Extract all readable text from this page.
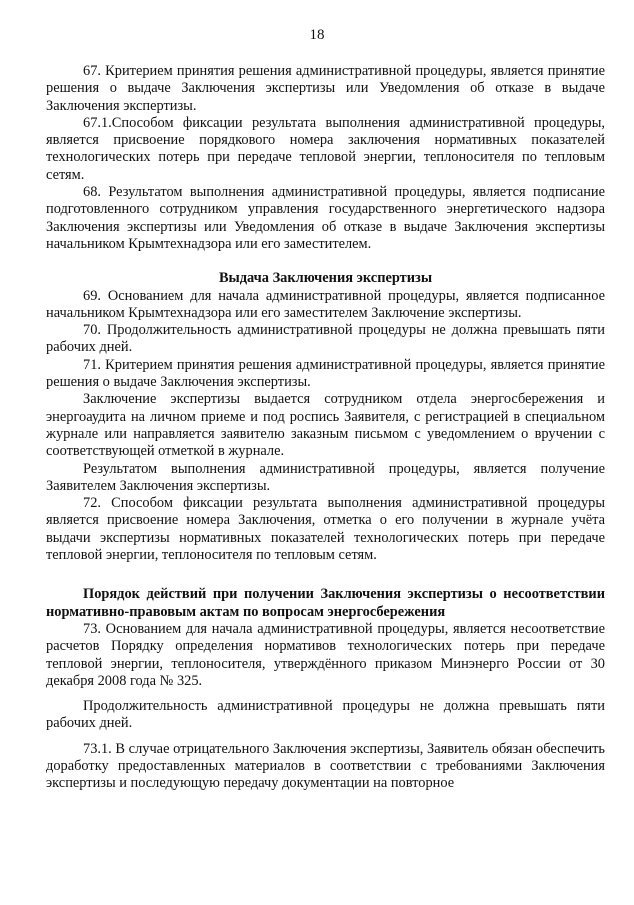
18

67. Критерием принятия решения административной процедуры, является принятие решения о выдаче Заключения экспертизы или Уведомления об отказе в выдаче Заключения экспертизы.

67.1.Способом фиксации результата выполнения административной процедуры, является присвоение порядкового номера заключения нормативных показателей технологических потерь при передаче тепловой энергии, теплоносителя по тепловым сетям.

68. Результатом выполнения административной процедуры, является подписание подготовленного сотрудником управления государственного энергетического надзора Заключения экспертизы или Уведомления об отказе в выдаче Заключения экспертизы начальником Крымтехнадзора или его заместителем.

Выдача Заключения экспертизы

69. Основанием для начала административной процедуры, является подписанное начальником Крымтехнадзора или его заместителем Заключение экспертизы.

70. Продолжительность административной процедуры не должна превышать пяти рабочих дней.

71. Критерием принятия решения административной процедуры, является принятие решения о выдаче Заключения экспертизы.

Заключение экспертизы выдается сотрудником отдела энергосбережения и энергоаудита на личном приеме и под роспись Заявителя, с регистрацией в специальном журнале или направляется заявителю заказным письмом с уведомлением о вручении с соответствующей отметкой в журнале.

Результатом выполнения административной процедуры, является получение Заявителем Заключения экспертизы.

72. Способом фиксации результата выполнения административной процедуры является присвоение номера Заключения, отметка о его получении в журнале учёта выдачи экспертизы нормативных показателей технологических потерь при передаче тепловой энергии, теплоносителя по тепловым сетям.

Порядок действий при получении Заключения экспертизы о несоответствии нормативно-правовым актам по вопросам энергосбережения

73. Основанием для начала административной процедуры, является несоответствие расчетов Порядку определения нормативов технологических потерь при передаче тепловой энергии, теплоносителя, утверждённого приказом Минэнерго России от 30 декабря 2008 года № 325.

Продолжительность административной процедуры не должна превышать пяти рабочих дней.

73.1. В случае отрицательного Заключения экспертизы, Заявитель обязан обеспечить доработку предоставленных материалов в соответствии с требованиями Заключения экспертизы и последующую передачу документации на повторное
